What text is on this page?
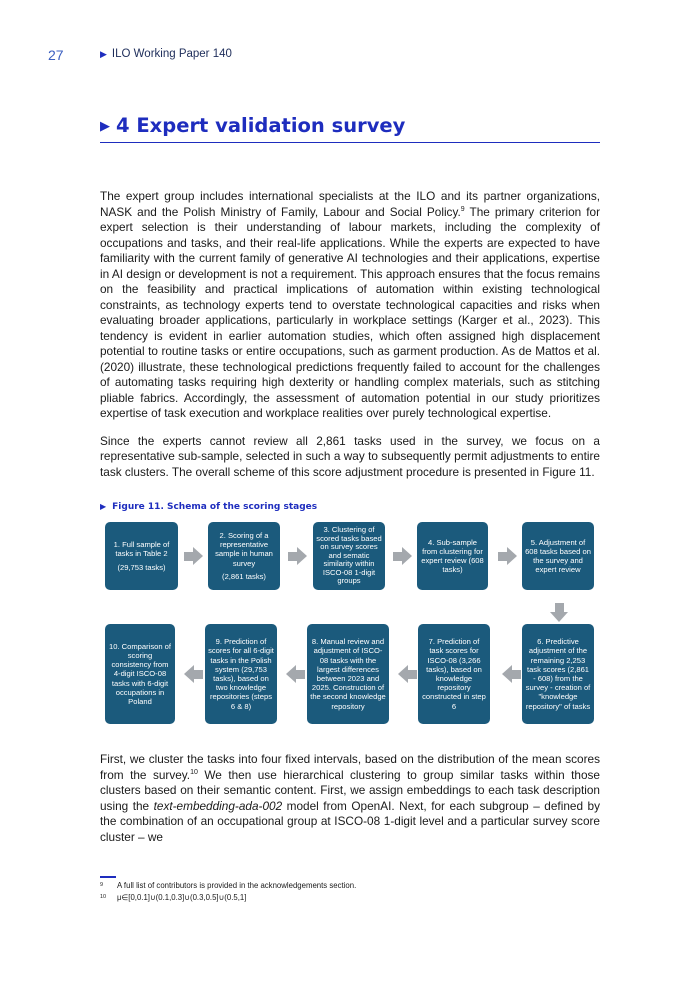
27	▶ ILO Working Paper 140
▶ 4 Expert validation survey

The expert group includes international specialists at the ILO and its partner organizations, NASK and the Polish Ministry of Family, Labour and Social Policy.$^9$ The primary criterion for expert selection is their understanding of labour markets, including the complexity of occupations and tasks, and their real-life applications. While the experts are expected to have familiarity with the current family of generative AI technologies and their applications, expertise in AI design or development is not a requirement. This approach ensures that the focus remains on the feasibility and practical implications of automation within existing technological constraints, as technology experts tend to overstate technological capacities and risks when evaluating broader applications, particularly in workplace settings (Karger et al., 2023). This tendency is evident in earlier automation studies, which often assigned high displacement potential to routine tasks or entire occupations, such as garment production. As de Mattos et al. (2020) illustrate, these technological predictions frequently failed to account for the challenges of automating tasks requiring high dexterity or handling complex materials, such as stitching pliable fabrics. Accordingly, the assessment of automation potential in our study prioritizes expertise of task execution and workplace realities over purely technological expertise.

Since the experts cannot review all 2,861 tasks used in the survey, we focus on a representative sub-sample, selected in such a way to subsequently permit adjustments to entire task clusters. The overall scheme of this score adjustment procedure is presented in Figure 11.

▶ Figure 11. Schema of the scoring stages
1. Full sample of tasks in Table 2
(29,753 tasks)
2. Scoring of a representative sample in human survey
(2,861 tasks)
3. Clustering of scored tasks based on survey scores and sematic similarity within ISCO-08 1-digit groups
4. Sub-sample from clustering for expert review (608 tasks)
5. Adjustment of 608 tasks based on the survey and expert review
10. Comparison of scoring consistency from 4-digit ISCO-08 tasks with 6-digit occupations in Poland
9. Prediction of scores for all 6-digit tasks in the Polish system (29,753 tasks), based on two knowledge repositories (steps 6 & 8)
8. Manual review and adjustment of ISCO-08 tasks with the largest differences between 2023 and 2025. Construction of the second knowledge repository
7. Prediction of task scores for ISCO-08 (3,266 tasks), based on knowledge repository constructed in step 6
6. Predictive adjustment of the remaining 2,253 task scores (2,861 - 608) from the survey - creation of "knowledge repository" of tasks

First, we cluster the tasks into four fixed intervals, based on the distribution of the mean scores from the survey.$^{10}$ We then use hierarchical clustering to group similar tasks within those clusters based on their semantic content. First, we assign embeddings to each task description using the text-embedding-ada-002 model from OpenAI. Next, for each subgroup – defined by the combination of an occupational group at ISCO-08 1-digit level and a particular survey score cluster – we

9 A full list of contributors is provided in the acknowledgements section.
10 μ∈[0,0.1]∪(0.1,0.3]∪(0.3,0.5]∪(0.5,1]
